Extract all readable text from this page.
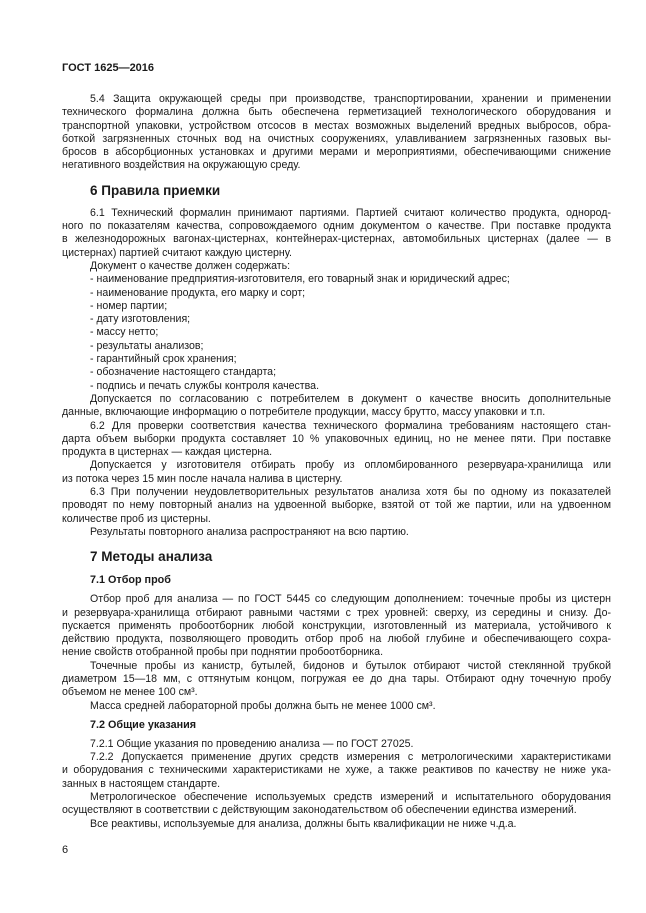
ГОСТ 1625—2016
5.4 Защита окружающей среды при производстве, транспортировании, хранении и применении
технического формалина должна быть обеспечена герметизацией технологического оборудования и
транспортной упаковки, устройством отсосов в местах возможных выделений вредных выбросов, обра-
боткой загрязненных сточных вод на очистных сооружениях, улавливанием загрязненных газовых вы-
бросов в абсорбционных установках и другими мерами и мероприятиями, обеспечивающими снижение
негативного воздействия на окружающую среду.
6 Правила приемки
6.1 Технический формалин принимают партиями. Партией считают количество продукта, однород-
ного по показателям качества, сопровождаемого одним документом о качестве. При поставке продукта
в железнодорожных вагонах-цистернах, контейнерах-цистернах, автомобильных цистернах (далее — в
цистернах) партией считают каждую цистерну.
Документ о качестве должен содержать:
- наименование предприятия-изготовителя, его товарный знак и юридический адрес;
- наименование продукта, его марку и сорт;
- номер партии;
- дату изготовления;
- массу нетто;
- результаты анализов;
- гарантийный срок хранения;
- обозначение настоящего стандарта;
- подпись и печать службы контроля качества.
Допускается по согласованию с потребителем в документ о качестве вносить дополнительные
данные, включающие информацию о потребителе продукции, массу брутто, массу упаковки и т.п.
6.2 Для проверки соответствия качества технического формалина требованиям настоящего стан-
дарта объем выборки продукта составляет 10 % упаковочных единиц, но не менее пяти. При поставке
продукта в цистернах — каждая цистерна.
Допускается у изготовителя отбирать пробу из опломбированного резервуара-хранилища или
из потока через 15 мин после начала налива в цистерну.
6.3 При получении неудовлетворительных результатов анализа хотя бы по одному из показателей
проводят по нему повторный анализ на удвоенной выборке, взятой от той же партии, или на удвоенном
количестве проб из цистерны.
Результаты повторного анализа распространяют на всю партию.
7 Методы анализа
7.1 Отбор проб
Отбор проб для анализа — по ГОСТ 5445 со следующим дополнением: точечные пробы из цистерн
и резервуара-хранилища отбирают равными частями с трех уровней: сверху, из середины и снизу. До-
пускается применять пробоотборник любой конструкции, изготовленный из материала, устойчивого к
действию продукта, позволяющего проводить отбор проб на любой глубине и обеспечивающего сохра-
нение свойств отобранной пробы при поднятии пробоотборника.
Точечные пробы из канистр, бутылей, бидонов и бутылок отбирают чистой стеклянной трубкой
диаметром 15—18 мм, с оттянутым концом, погружая ее до дна тары. Отбирают одну точечную пробу
объемом не менее 100 см³.
Масса средней лабораторной пробы должна быть не менее 1000 см³.
7.2 Общие указания
7.2.1 Общие указания по проведению анализа — по ГОСТ 27025.
7.2.2 Допускается применение других средств измерения с метрологическими характеристиками
и оборудования с техническими характеристиками не хуже, а также реактивов по качеству не ниже ука-
занных в настоящем стандарте.
Метрологическое обеспечение используемых средств измерений и испытательного оборудования
осуществляют в соответствии с действующим законодательством об обеспечении единства измерений.
Все реактивы, используемые для анализа, должны быть квалификации не ниже ч.д.а.
6
